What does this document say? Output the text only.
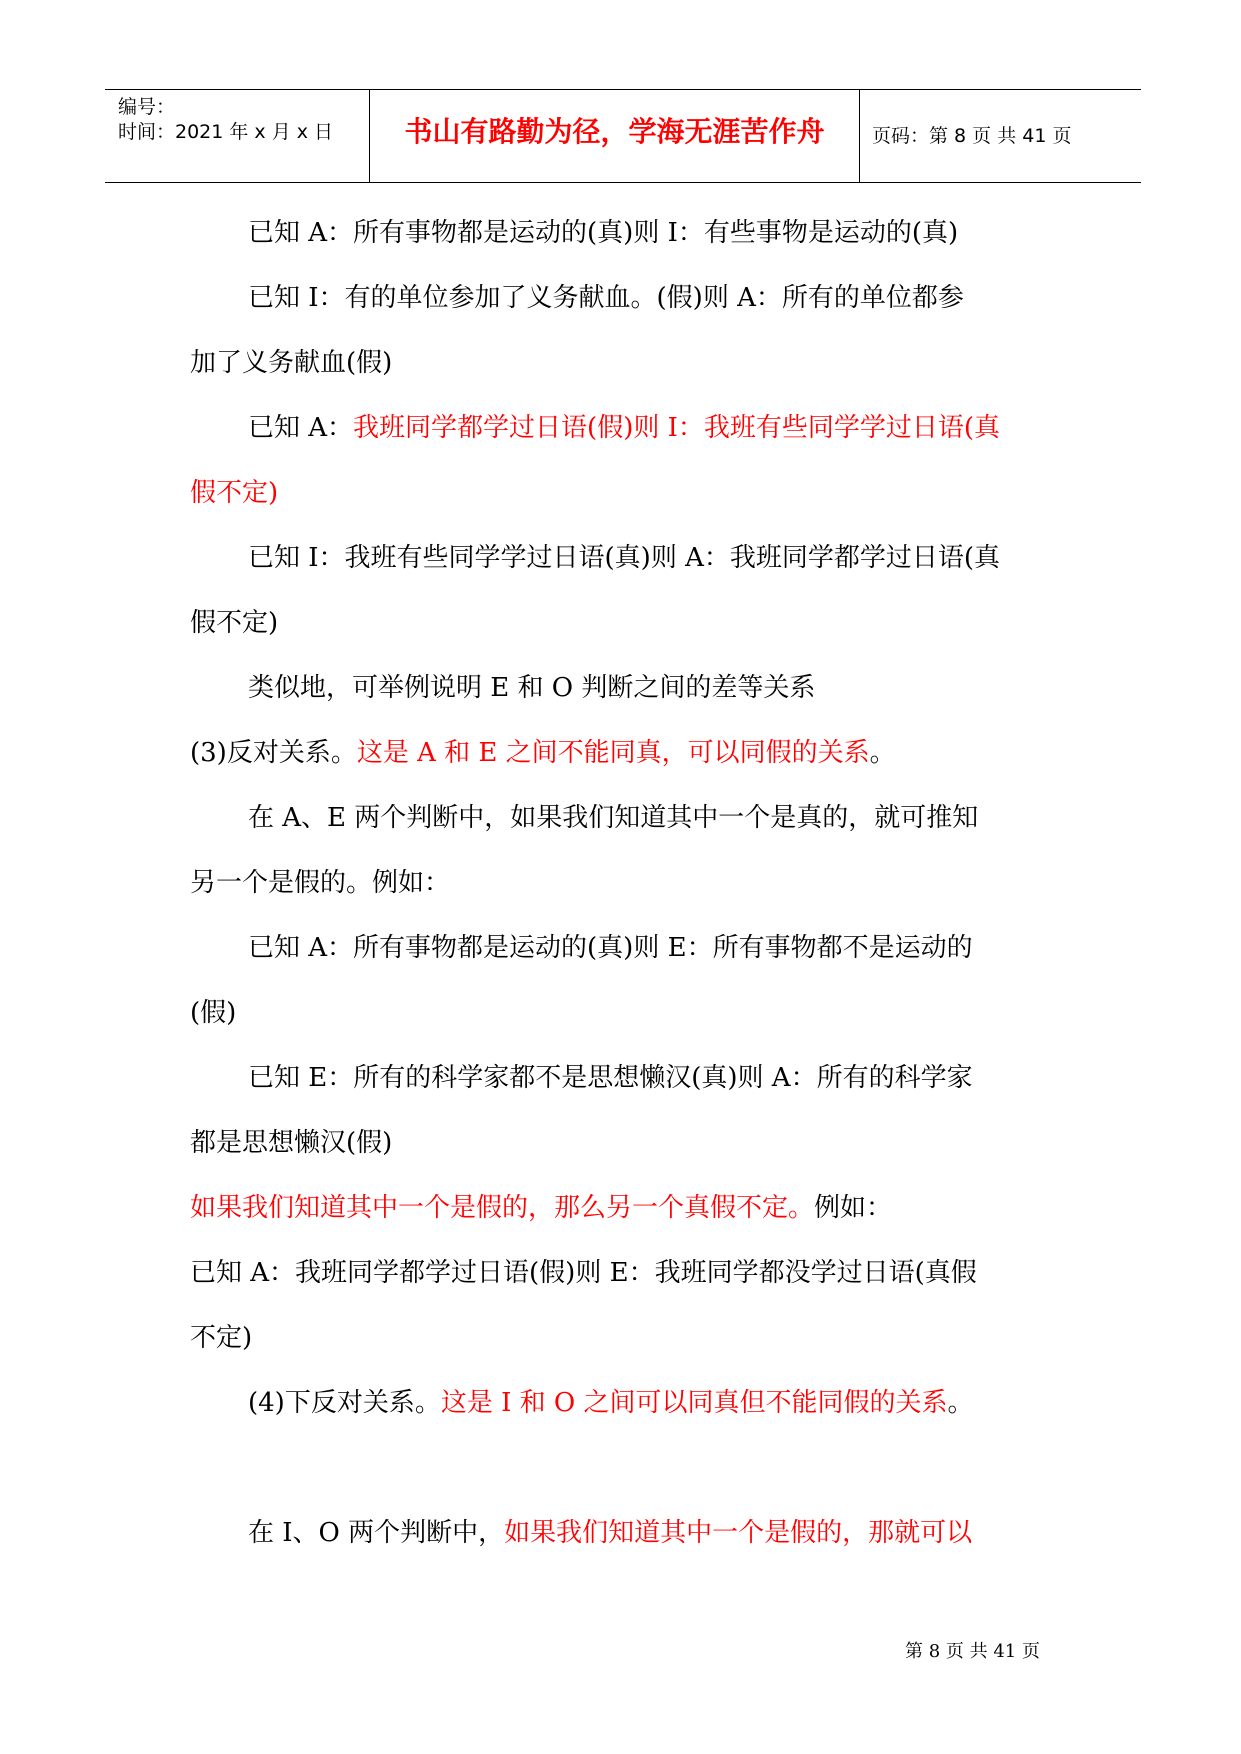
编号：
时间：2021 年 x 月 x 日	书山有路勤为径，学海无涯苦作舟	页码：第 8 页 共 41 页
已知 A：所有事物都是运动的(真)则 I：有些事物是运动的(真)
已知 I：有的单位参加了义务献血。(假)则 A：所有的单位都参
加了义务献血(假)
已知 A：我班同学都学过日语(假)则 I：我班有些同学学过日语(真
假不定)
已知 I：我班有些同学学过日语(真)则 A：我班同学都学过日语(真
假不定)
类似地，可举例说明 E 和 O 判断之间的差等关系
(3)反对关系。这是 A 和 E 之间不能同真，可以同假的关系。
在 A、E 两个判断中，如果我们知道其中一个是真的，就可推知
另一个是假的。例如：
已知 A：所有事物都是运动的(真)则 E：所有事物都不是运动的
(假)
已知 E：所有的科学家都不是思想懒汉(真)则 A：所有的科学家
都是思想懒汉(假)
如果我们知道其中一个是假的，那么另一个真假不定。例如：
已知 A：我班同学都学过日语(假)则 E：我班同学都没学过日语(真假
不定)
(4)下反对关系。这是 I 和 O 之间可以同真但不能同假的关系。
在 I、O 两个判断中，如果我们知道其中一个是假的，那就可以
第 8 页 共 41 页
